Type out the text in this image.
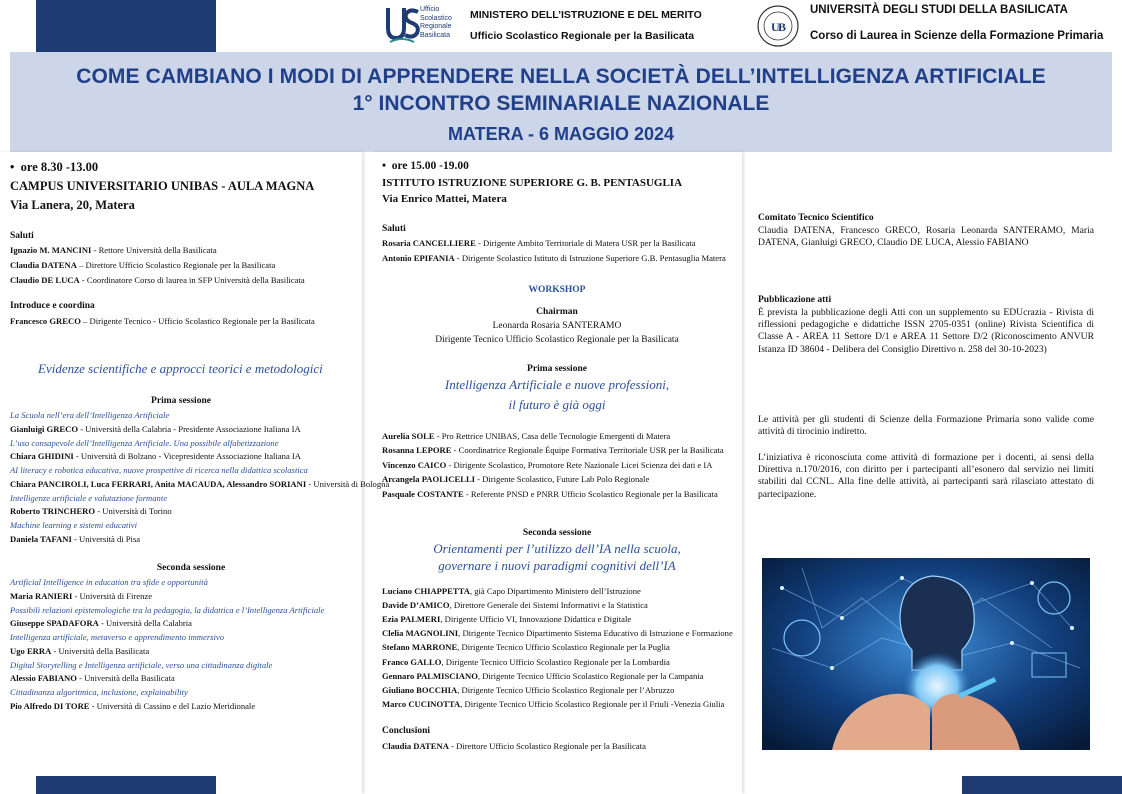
Ufficio
Scolastico
Regionale
Basilicata
MINISTERO DELL’ISTRUZIONE E DEL MERITO
Ufficio Scolastico Regionale per la Basilicata
U
B
UNIVERSITÀ DEGLI STUDI DELLA BASILICATA
Corso di Laurea in Scienze della Formazione Primaria
COME CAMBIANO I MODI DI APPRENDERE NELLA SOCIETÀ DELL’INTELLIGENZA ARTIFICIALE
1° INCONTRO SEMINARIALE NAZIONALE
MATERA - 6 MAGGIO 2024
•  ore 8.30 -13.00
CAMPUS UNIVERSITARIO UNIBAS - AULA MAGNA
Via Lanera, 20, Matera
Saluti
Ignazio M. MANCINI - Rettore Università della Basilicata
Claudia DATENA – Direttore Ufficio Scolastico Regionale per la Basilicata
Claudio DE LUCA - Coordinatore Corso di laurea in SFP Università della Basilicata
Introduce e coordina
Francesco GRECO – Dirigente Tecnico - Ufficio Scolastico Regionale per la Basilicata
Evidenze scientifiche e approcci teorici e metodologici
Prima sessione
Seconda sessione
La Scuola nell’era dell’Intelligenza Artificiale
Gianluigi GRECO - Università della Calabria - Presidente Associazione Italiana IA
L’uso consapevole dell’Intelligenza Artificiale. Una possibile alfabetizzazione
Chiara GHIDINI - Università di Bolzano - Vicepresidente Associazione Italiana IA
AI literacy e robotica educativa, nuove prospettive di ricerca nella didattica scolastica
Chiara PANCIROLI, Luca FERRARI, Anita MACAUDA, Alessandro SORIANI - Università di Bologna
Intelligenze artificiale e valutazione formante
Roberto TRINCHERO - Università di Torino
Machine learning e sistemi educativi
Daniela TAFANI - Università di Pisa
Artificial Intelligence in education tra sfide e opportunità
Maria RANIERI - Università di Firenze
Possibili relazioni epistemologiche tra la pedagogia, la didattica e l’Intelligenza Artificiale
Giuseppe SPADAFORA - Università della Calabria
Intelligenza artificiale, metaverso e apprendimento immersivo
Ugo ERRA - Università della Basilicata
Digital Storytelling e Intelligenza artificiale, verso una cittadinanza digitale
Alessio FABIANO - Università della Basilicata
Cittadinanza algoritmica, inclusione, explainability
Pio Alfredo DI TORE - Università di Cassino e del Lazio Meridionale
•  ore 15.00 -19.00
ISTITUTO ISTRUZIONE SUPERIORE G. B. PENTASUGLIA
Via Enrico Mattei, Matera
Saluti
Rosaria CANCELLIERE - Dirigente Ambito Territoriale di Matera USR per la Basilicata
Antonio EPIFANIA - Dirigente Scolastico Istituto di Istruzione Superiore G.B. Pentasuglia Matera
WORKSHOP
Chairman
Leonarda Rosaria SANTERAMO
Dirigente Tecnico Ufficio Scolastico Regionale per la Basilicata
Prima sessione
Intelligenza Artificiale e nuove professioni,
il futuro è già oggi
Seconda sessione
Orientamenti per l’utilizzo dell’IA nella scuola,
governare i nuovi paradigmi cognitivi dell’IA
Conclusioni
Claudia DATENA - Direttore Ufficio Scolastico Regionale per la Basilicata
Aurelia SOLE - Pro Rettrice UNIBAS, Casa delle Tecnologie Emergenti di Matera
Rosanna LEPORE - Coordinatrice Regionale Équipe Formativa Territoriale USR per la Basilicata
Vincenzo CAICO - Dirigente Scolastico, Promotore Rete Nazionale Licei Scienza dei dati e IA
Arcangela PAOLICELLI - Dirigente Scolastico, Future Lab Polo Regionale
Pasquale COSTANTE - Referente PNSD e PNRR Ufficio Scolastico Regionale per la Basilicata
Luciano CHIAPPETTA, già Capo Dipartimento Ministero dell’Istruzione
Davide D’AMICO, Direttore Generale dei Sistemi Informativi e la Statistica
Ezia PALMERI, Dirigente Ufficio VI, Innovazione Didattica e Digitale
Clelia MAGNOLINI, Dirigente Tecnico Dipartimento Sistema Educativo di Istruzione e Formazione
Stefano MARRONE, Dirigente Tecnico Ufficio Scolastico Regionale per la Puglia
Franco GALLO, Dirigente Tecnico Ufficio Scolastico Regionale per la Lombardia
Gennaro PALMISCIANO, Dirigente Tecnico Ufficio Scolastico Regionale per la Campania
Giuliano BOCCHIA, Dirigente Tecnico Ufficio Scolastico Regionale per l’Abruzzo
Marco CUCINOTTA, Dirigente Tecnico Ufficio Scolastico Regionale per il Friuli -Venezia Giulia
Comitato Tecnico Scientifico
Claudia DATENA, Francesco GRECO, Rosaria Leonarda SANTERAMO, Maria DATENA, Gianluigi GRECO, Claudio DE LUCA, Alessio FABIANO
Pubblicazione atti
È prevista la pubblicazione degli Atti con un supplemento su EDUcrazia - Rivista di riflessioni pedagogiche e didattiche ISSN 2705-0351 (online) Rivista Scientifica di Classe A - AREA 11 Settore D/1 e AREA 11 Settore D/2 (Riconoscimento ANVUR Istanza ID 38604 - Delibera del Consiglio Direttivo n. 258 del 30-10-2023)
Le attività per gli studenti di Scienze della Formazione Primaria sono valide come attività di tirocinio indiretto.
L’iniziativa è riconosciuta come attività di formazione per i docenti, ai sensi della Direttiva n.170/2016, con diritto per i partecipanti all’esonero dal servizio nei limiti stabiliti dal CCNL. Alla fine delle attività, ai partecipanti sarà rilasciato attestato di partecipazione.
